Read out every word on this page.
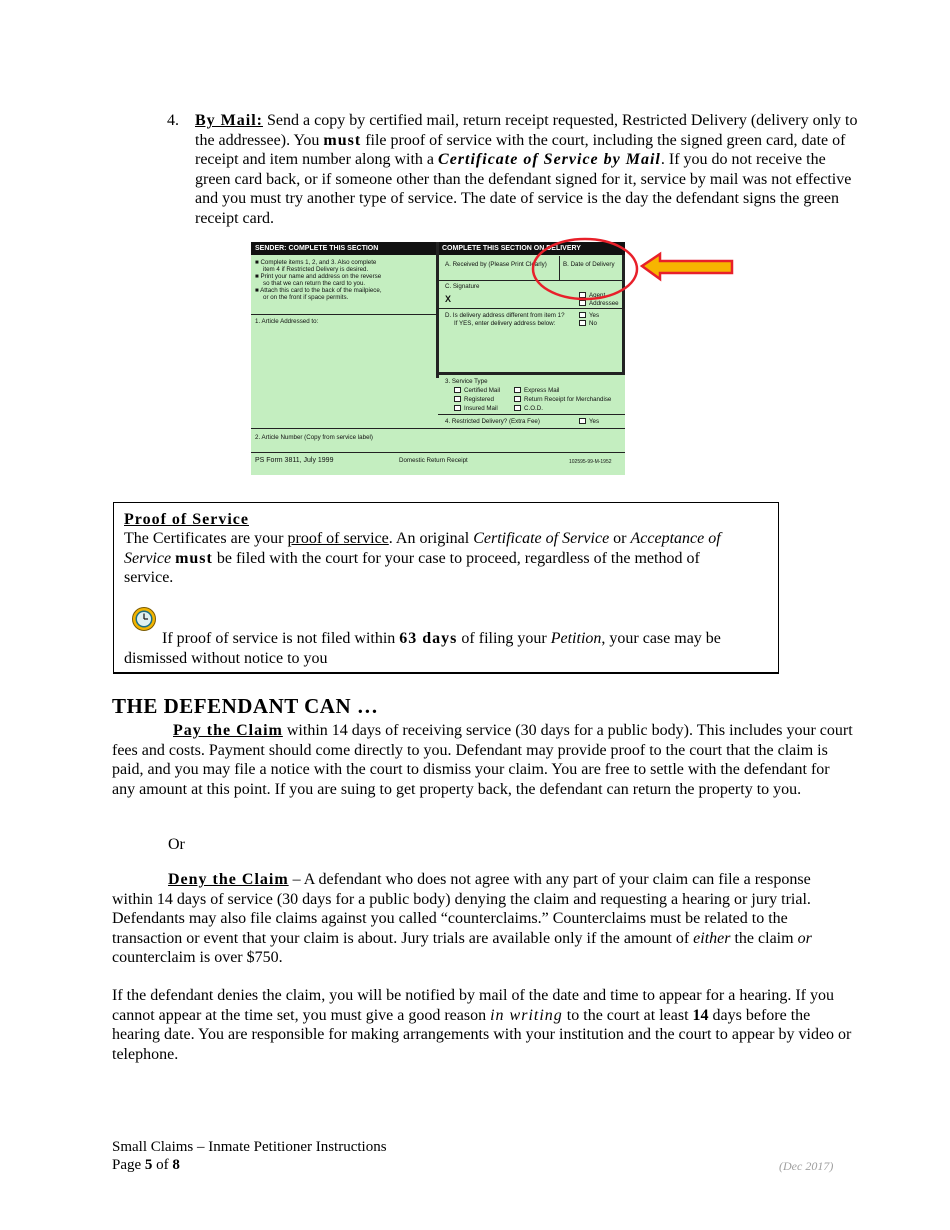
4. By Mail: Send a copy by certified mail, return receipt requested, Restricted Delivery (delivery only to the addressee). You must file proof of service with the court, including the signed green card, date of receipt and item number along with a Certificate of Service by Mail. If you do not receive the green card back, or if someone other than the defendant signed for it, service by mail was not effective and you must try another type of service. The date of service is the day the defendant signs the green receipt card.
SENDER: COMPLETE THIS SECTION	COMPLETE THIS SECTION ON DELIVERY
■ Complete items 1, 2, and 3. Also complete
item 4 if Restricted Delivery is desired.
■ Print your name and address on the reverse
so that we can return the card to you.
■ Attach this card to the back of the mailpiece,
or on the front if space permits.
1. Article Addressed to:
A. Received by (Please Print Clearly)	B. Date of Delivery
C. Signature
X	Agent
Addressee
D. Is delivery address different from item 1?	Yes
If YES, enter delivery address below:	No
3. Service Type
Certified Mail	Express Mail
Registered	Return Receipt for Merchandise
Insured Mail	C.O.D.
4. Restricted Delivery? (Extra Fee)	Yes
2. Article Number (Copy from service label)
PS Form 3811, July 1999	Domestic Return Receipt	102595-99-M-1952
Proof of Service
The Certificates are your proof of service. An original Certificate of Service or Acceptance of Service must be filed with the court for your case to proceed, regardless of the method of service.
If proof of service is not filed within 63 days of filing your Petition, your case may be dismissed without notice to you
THE DEFENDANT CAN …
Pay the Claim within 14 days of receiving service (30 days for a public body). This includes your court fees and costs. Payment should come directly to you. Defendant may provide proof to the court that the claim is paid, and you may file a notice with the court to dismiss your claim. You are free to settle with the defendant for any amount at this point. If you are suing to get property back, the defendant can return the property to you.
Or
Deny the Claim – A defendant who does not agree with any part of your claim can file a response within 14 days of service (30 days for a public body) denying the claim and requesting a hearing or jury trial. Defendants may also file claims against you called “counterclaims.” Counterclaims must be related to the transaction or event that your claim is about. Jury trials are available only if the amount of either the claim or counterclaim is over $750.
If the defendant denies the claim, you will be notified by mail of the date and time to appear for a hearing. If you cannot appear at the time set, you must give a good reason in writing to the court at least 14 days before the hearing date. You are responsible for making arrangements with your institution and the court to appear by video or telephone.
Small Claims – Inmate Petitioner Instructions
Page 5 of 8	(Dec 2017)
